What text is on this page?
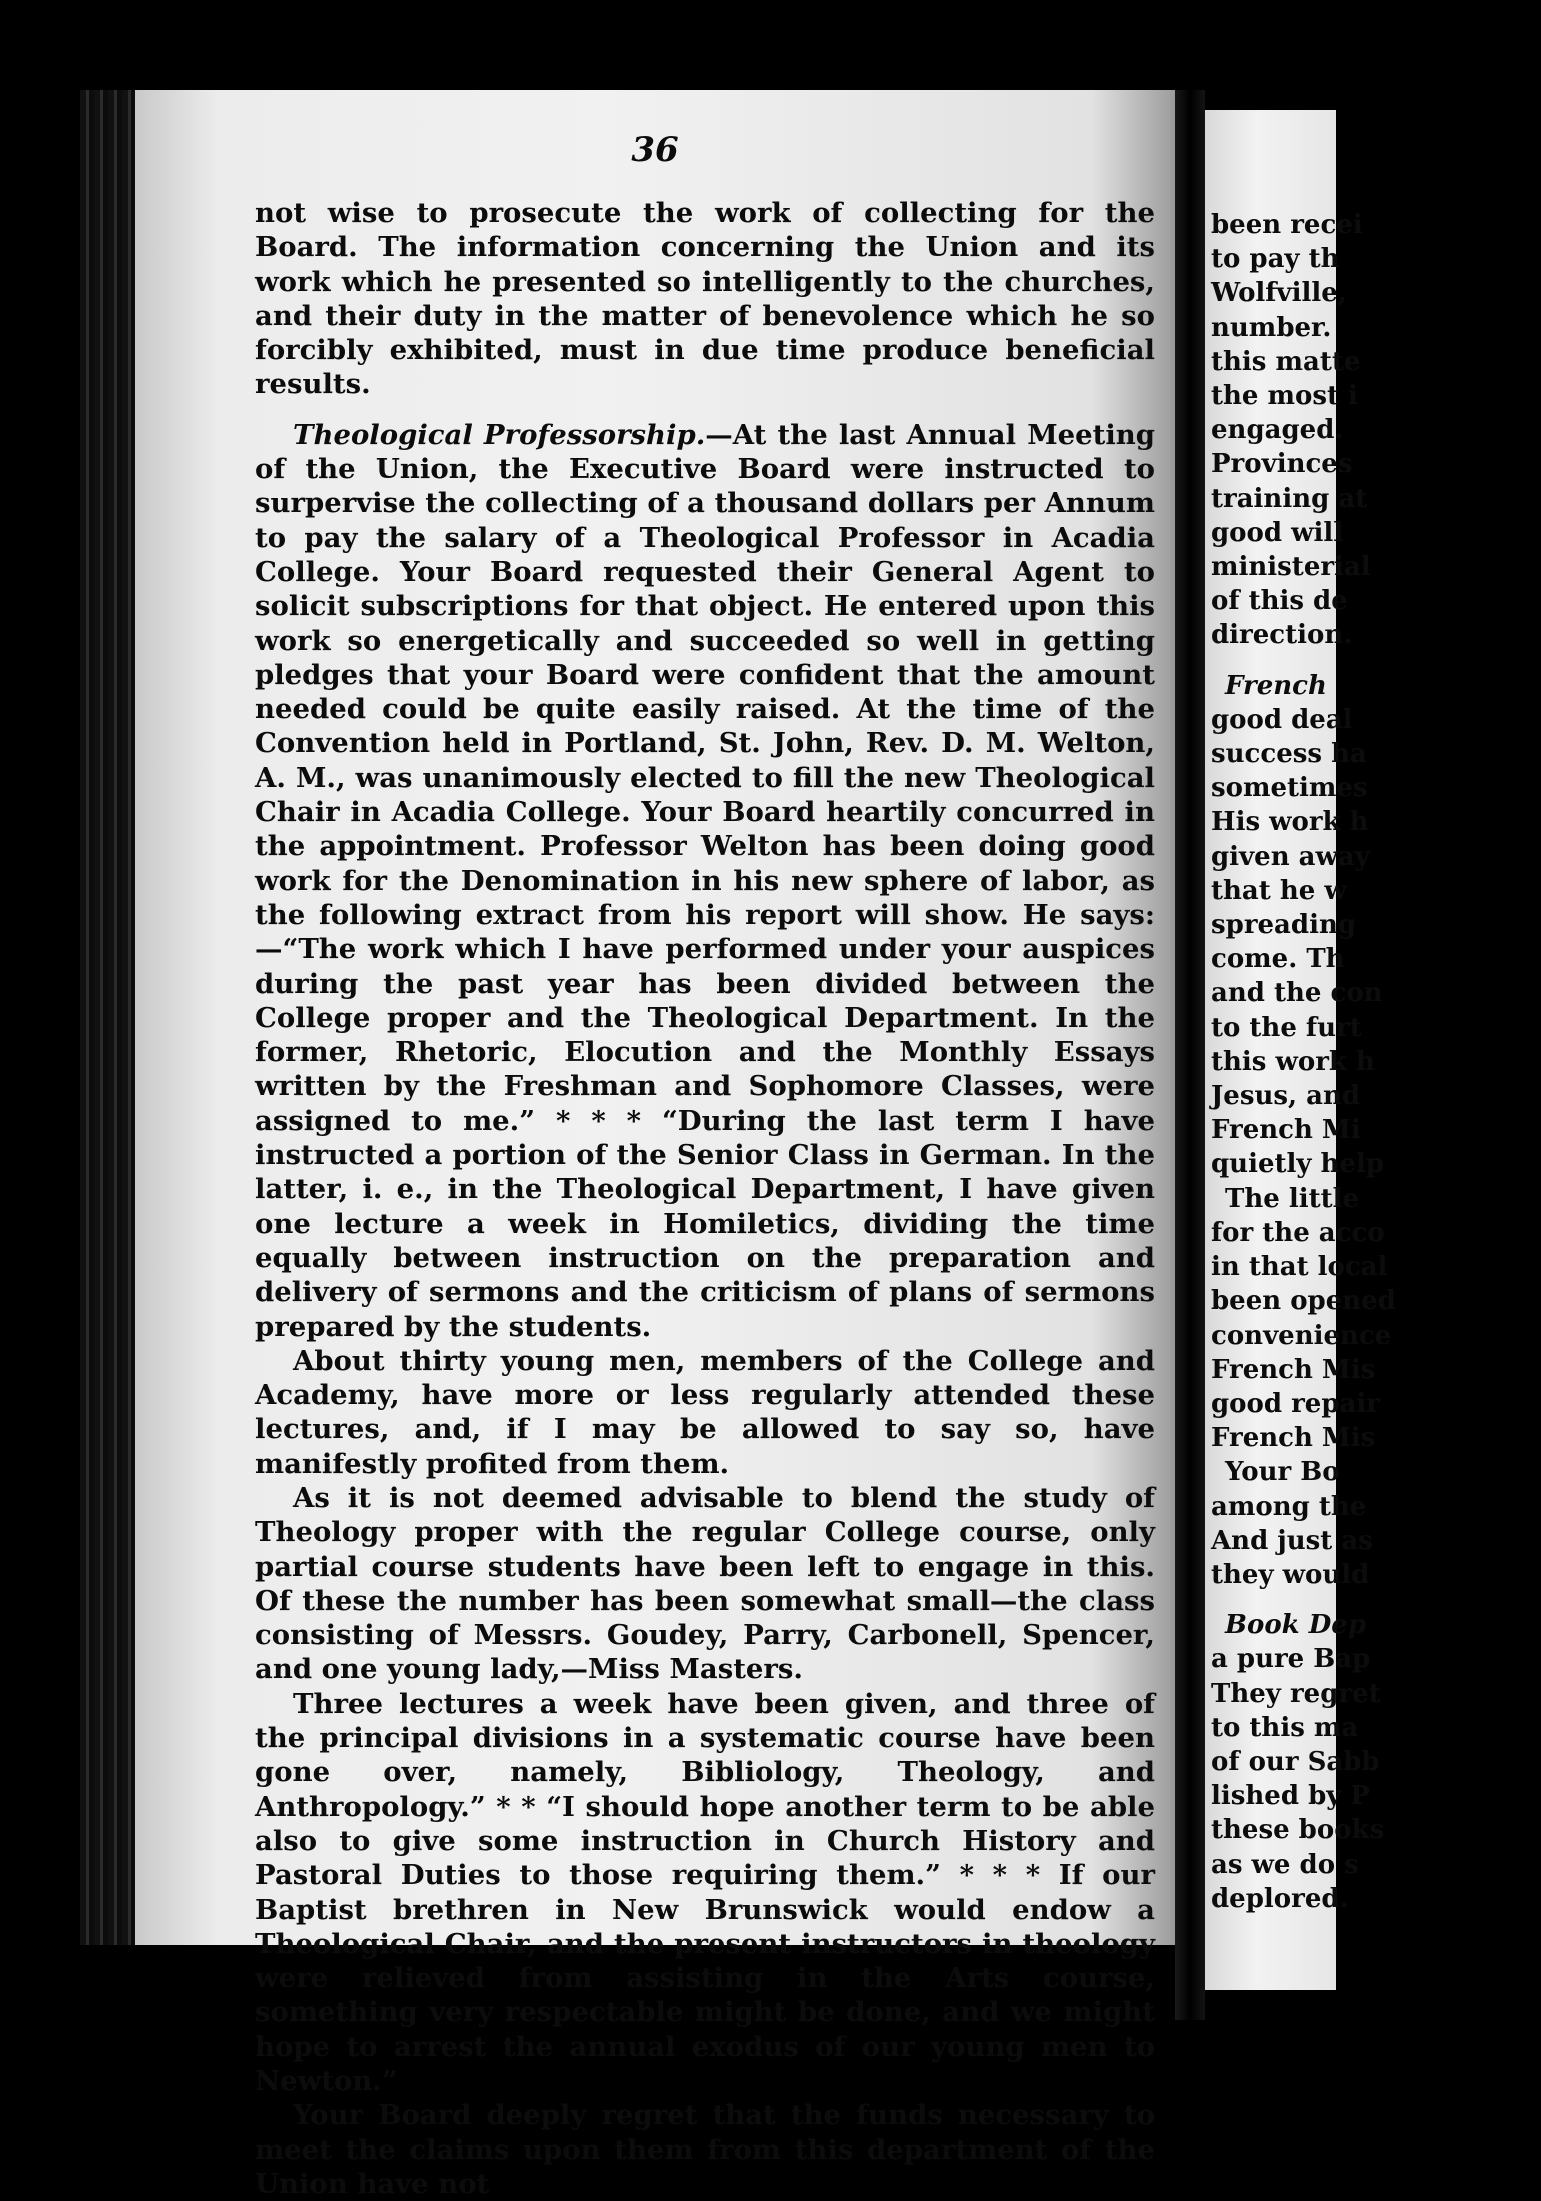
36

not wise to prosecute the work of collecting for the Board. The information concerning the Union and its work which he presented so intelligently to the churches, and their duty in the matter of benevolence which he so forcibly exhibited, must in due time produce beneficial results.

Theological Professorship.—At the last Annual Meeting of the Union, the Executive Board were instructed to surpervise the collecting of a thousand dollars per Annum to pay the salary of a Theological Professor in Acadia College. Your Board requested their General Agent to solicit subscriptions for that object. He entered upon this work so energetically and succeeded so well in getting pledges that your Board were confident that the amount needed could be quite easily raised. At the time of the Convention held in Portland, St. John, Rev. D. M. Welton, A. M., was unanimously elected to fill the new Theological Chair in Acadia College. Your Board heartily concurred in the appointment. Professor Welton has been doing good work for the Denomination in his new sphere of labor, as the following extract from his report will show. He says:—“The work which I have performed under your auspices during the past year has been divided between the College proper and the Theological Department. In the former, Rhetoric, Elocution and the Monthly Essays written by the Freshman and Sophomore Classes, were assigned to me.” * * * “During the last term I have instructed a portion of the Senior Class in German. In the latter, i. e., in the Theological Department, I have given one lecture a week in Homiletics, dividing the time equally between instruction on the preparation and delivery of sermons and the criticism of plans of sermons prepared by the students.

About thirty young men, members of the College and Academy, have more or less regularly attended these lectures, and, if I may be allowed to say so, have manifestly profited from them.

As it is not deemed advisable to blend the study of Theology proper with the regular College course, only partial course students have been left to engage in this. Of these the number has been somewhat small—the class consisting of Messrs. Goudey, Parry, Carbonell, Spencer, and one young lady,—Miss Masters.

Three lectures a week have been given, and three of the principal divisions in a systematic course have been gone over, namely, Bibliology, Theology, and Anthropology.” * * “I should hope another term to be able also to give some instruction in Church History and Pastoral Duties to those requiring them.” * * * If our Baptist brethren in New Brunswick would endow a Theological Chair, and the present instructors in theology were relieved from assisting in the Arts course, something very respectable might be done, and we might hope to arrest the annual exodus of our young men to Newton.”

Your Board deeply regret that the funds necessary to meet the claims upon them from this department of the Union have not

been recei
to pay th
Wolfville,
number.
this matte
the most i
engaged.
Provinces
training at
good will
ministerial
of this de
direction.
French
good deal
success ha
sometimes
His work h
given away
that he w
spreading
come. Th
and the con
to the furt
this work h
Jesus, and
French Mi
quietly help
The little
for the acco
in that local
been opened
convenience
French Mis
good repair
French Mis
Your Bo
among the
And just as
they would
Book Dep
a pure Bap
They regret
to this ma
of our Sabb
lished by P
these books
as we do s
deplored.
